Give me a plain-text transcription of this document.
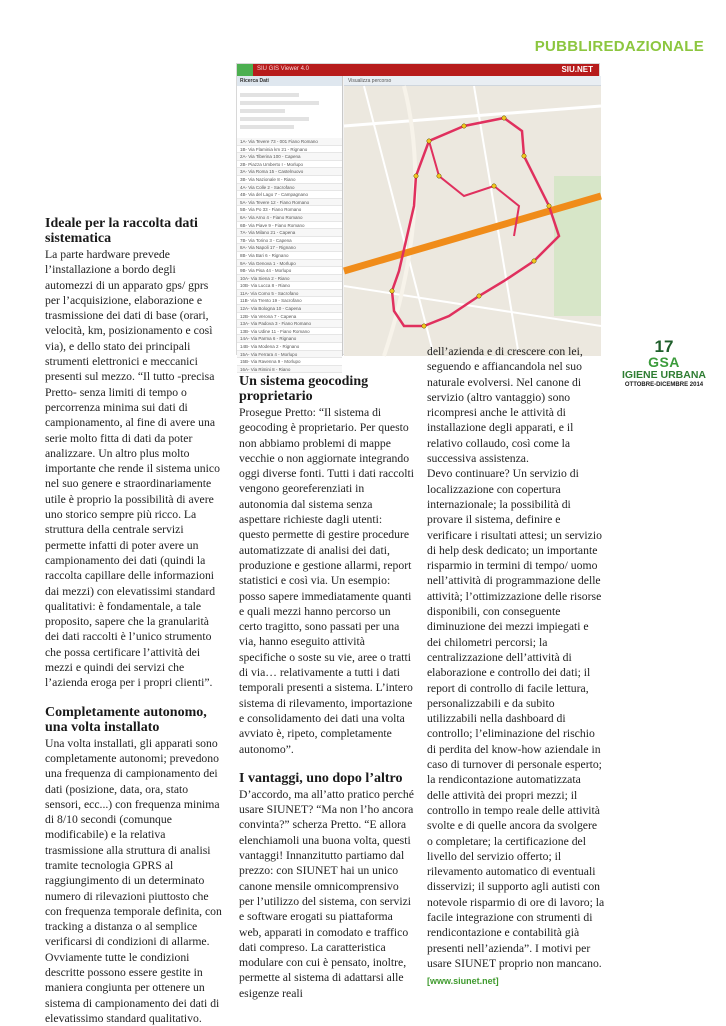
PUBBLIREDAZIONALE
SIU GIS Viewer 4.0	SIU.NET
Ricerca Dati
1A- Via Tevere 73 - 001 Fiano Romano
1B- Via Flaminia km 21 - Rignano
2A- Via Tiberina 100 - Capena
2B- Piazza Umberto I - Morlupo
3A- Via Roma 15 - Castelnuovo
3B- Via Nazionale 8 - Riano
4A- Via Colle 2 - Sacrofano
4B- Via del Lago 7 - Campagnano
5A- Via Tevere 12 - Fiano Romano
5B- Via Po 33 - Fiano Romano
6A- Via Arno 4 - Fiano Romano
6B- Via Piave 9 - Fiano Romano
7A- Via Milano 21 - Capena
7B- Via Torino 3 - Capena
8A- Via Napoli 17 - Rignano
8B- Via Bari 6 - Rignano
9A- Via Genova 1 - Morlupo
9B- Via Pisa 44 - Morlupo
10A- Via Siena 2 - Riano
10B- Via Lucca 8 - Riano
11A- Via Como 5 - Sacrofano
11B- Via Trento 19 - Sacrofano
12A- Via Bologna 10 - Capena
12B- Via Verona 7 - Capena
13A- Via Padova 3 - Fiano Romano
13B- Via Udine 11 - Fiano Romano
14A- Via Parma 6 - Rignano
14B- Via Modena 2 - Rignano
15A- Via Ferrara 4 - Morlupo
15B- Via Ravenna 9 - Morlupo
16A- Via Rimini 8 - Riano
Visualizza percorso
Ideale per la raccolta dati sistematica

La parte hardware prevede l’installazione a bordo degli automezzi di un apparato gps/ gprs per l’acquisizione, elaborazione e trasmissione dei dati di base (orari, velocità, km, posizionamento e così via), e dello stato dei principali strumenti elettronici e meccanici presenti sul mezzo. “Il tutto -precisa Pretto- senza limiti di tempo o percorrenza minima sui dati di campionamento, al fine di avere una serie molto fitta di dati da poter analizzare. Un altro plus molto importante che rende il sistema unico nel suo genere e straordinariamente utile è proprio la possibilità di avere uno storico sempre più ricco. La struttura della centrale servizi permette infatti di poter avere un campionamento dei dati (quindi la raccolta capillare delle informazioni dai mezzi) con elevatissimi standard qualitativi: è fondamentale, a tale proposito, sapere che la granularità dei dati raccolti è l’unico strumento che possa certificare l’attività dei mezzi e quindi dei servizi che l’azienda eroga per i propri clienti”.

Completamente autonomo, una volta installato

Una volta installati, gli apparati sono completamente autonomi; prevedono una frequenza di campionamento dei dati (posizione, data, ora, stato sensori, ecc...) con frequenza minima di 8/10 secondi (comunque modificabile) e la relativa trasmissione alla struttura di analisi tramite tecnologia GPRS al raggiungimento di un determinato numero di rilevazioni piuttosto che con frequenza temporale definita, con tracking a distanza o al semplice verificarsi di condizioni di allarme. Ovviamente tutte le condizioni descritte possono essere gestite in maniera congiunta per ottenere un sistema di campionamento dei dati di elevatissimo standard qualitativo.

Un sistema geocoding proprietario

Prosegue Pretto: “Il sistema di geocoding è proprietario. Per questo non abbiamo problemi di mappe vecchie o non aggiornate integrando oggi diverse fonti. Tutti i dati raccolti vengono georeferenziati in autonomia dal sistema senza aspettare richieste dagli utenti: questo permette di gestire procedure automatizzate di analisi dei dati, produzione e gestione allarmi, report statistici e così via. Un esempio: posso sapere immediatamente quanti e quali mezzi hanno percorso un certo tragitto, sono passati per una via, hanno eseguito attività specifiche o soste su vie, aree o tratti di via… relativamente a tutti i dati temporali presenti a sistema. L’intero sistema di rilevamento, importazione e consolidamento dei dati una volta avviato è, ripeto, completamente autonomo”.

I vantaggi, uno dopo l’altro

D’accordo, ma all’atto pratico perché usare SIUNET? “Ma non l’ho ancora convinta?” scherza Pretto. “E allora elenchiamoli una buona volta, questi vantaggi! Innanzitutto partiamo dal prezzo: con SIUNET hai un unico canone mensile omnicomprensivo per l’utilizzo del sistema, con servizi e software erogati su piattaforma web, apparati in comodato e traffico dati compreso. La caratteristica modulare con cui è pensato, inoltre, permette al sistema di adattarsi alle esigenze reali

dell’azienda e di crescere con lei, seguendo e affiancandola nel suo naturale evolversi. Nel canone di servizio (altro vantaggio) sono ricompresi anche le attività di installazione degli apparati, e il relativo collaudo, così come la successiva assistenza.

Devo continuare? Un servizio di localizzazione con copertura internazionale; la possibilità di provare il sistema, definire e verificare i risultati attesi; un servizio di help desk dedicato; un importante risparmio in termini di tempo/ uomo nell’attività di programmazione delle attività; l’ottimizzazione delle risorse disponibili, con conseguente diminuzione dei mezzi impiegati e dei chilometri percorsi; la centralizzazione dell’attività di elaborazione e controllo dei dati; il report di controllo di facile lettura, personalizzabili e da subito utilizzabili nella dashboard di controllo; l’eliminazione del rischio di perdita del know-how aziendale in caso di turnover di personale esperto; la rendicontazione automatizzata delle attività dei propri mezzi; il controllo in tempo reale delle attività svolte e di quelle ancora da svolgere o completare; la certificazione del livello del servizio offerto; il rilevamento automatico di eventuali disservizi; il supporto agli autisti con notevole risparmio di ore di lavoro; la facile integrazione con strumenti di rendicontazione e contabilità già presenti nell’azienda”. I motivi per usare SIUNET proprio non mancano.

[www.siunet.net]
17
GSA
IGIENE URBANA
OTTOBRE-DICEMBRE 2014
